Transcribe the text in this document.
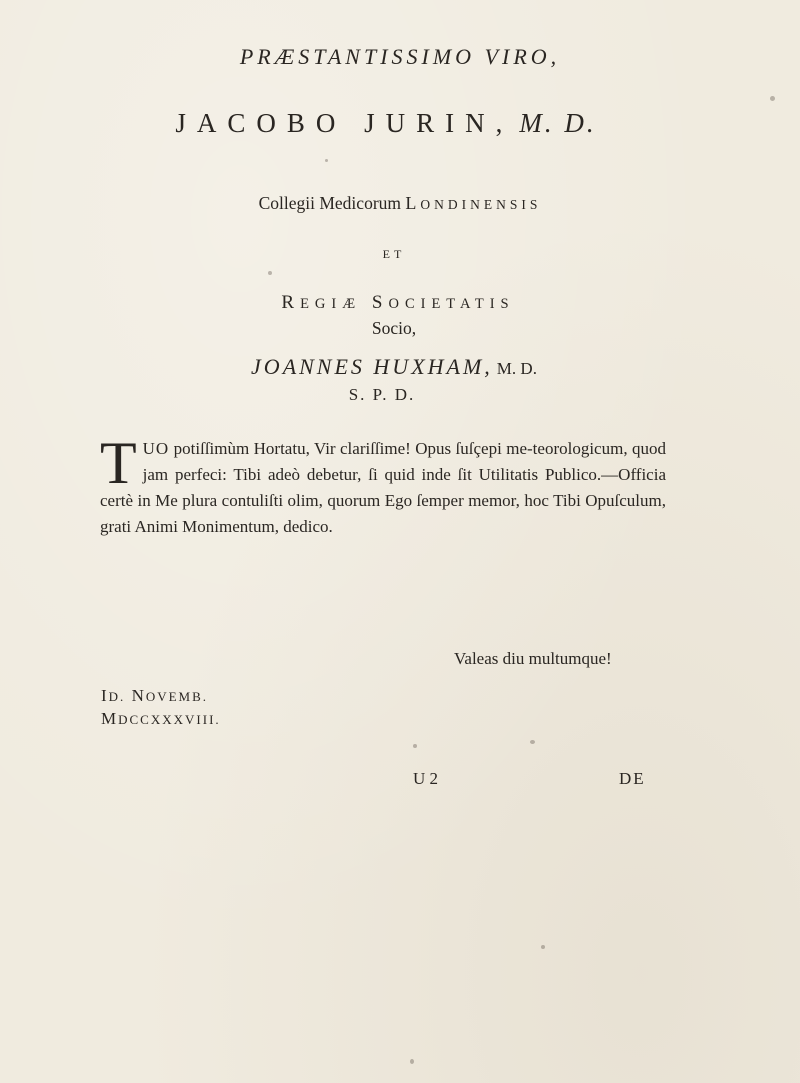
PRÆSTANTISSIMO VIRO,
JACOBO JURIN, M. D.
Collegii Medicorum LONDINENSIS
ET
REGIÆ SOCIETATIS
Socio,
JOANNES HUXHAM, M. D.
S. P. D.
TUO potiſſimùm Hortatu, Vir clariſſime! Opus ſuſçepi me-teorologicum, quod jam perfeci: Tibi adeò debetur, ſi quid inde ſit Utilitatis Publico.—Officia certè in Me plura contuliſti olim, quorum Ego ſemper memor, hoc Tibi Opuſculum, grati Animi Monimentum, dedico.
Valeas diu multumque!
ID. NOVEMB.
MDCCXXXVIII.
U 2	DE
